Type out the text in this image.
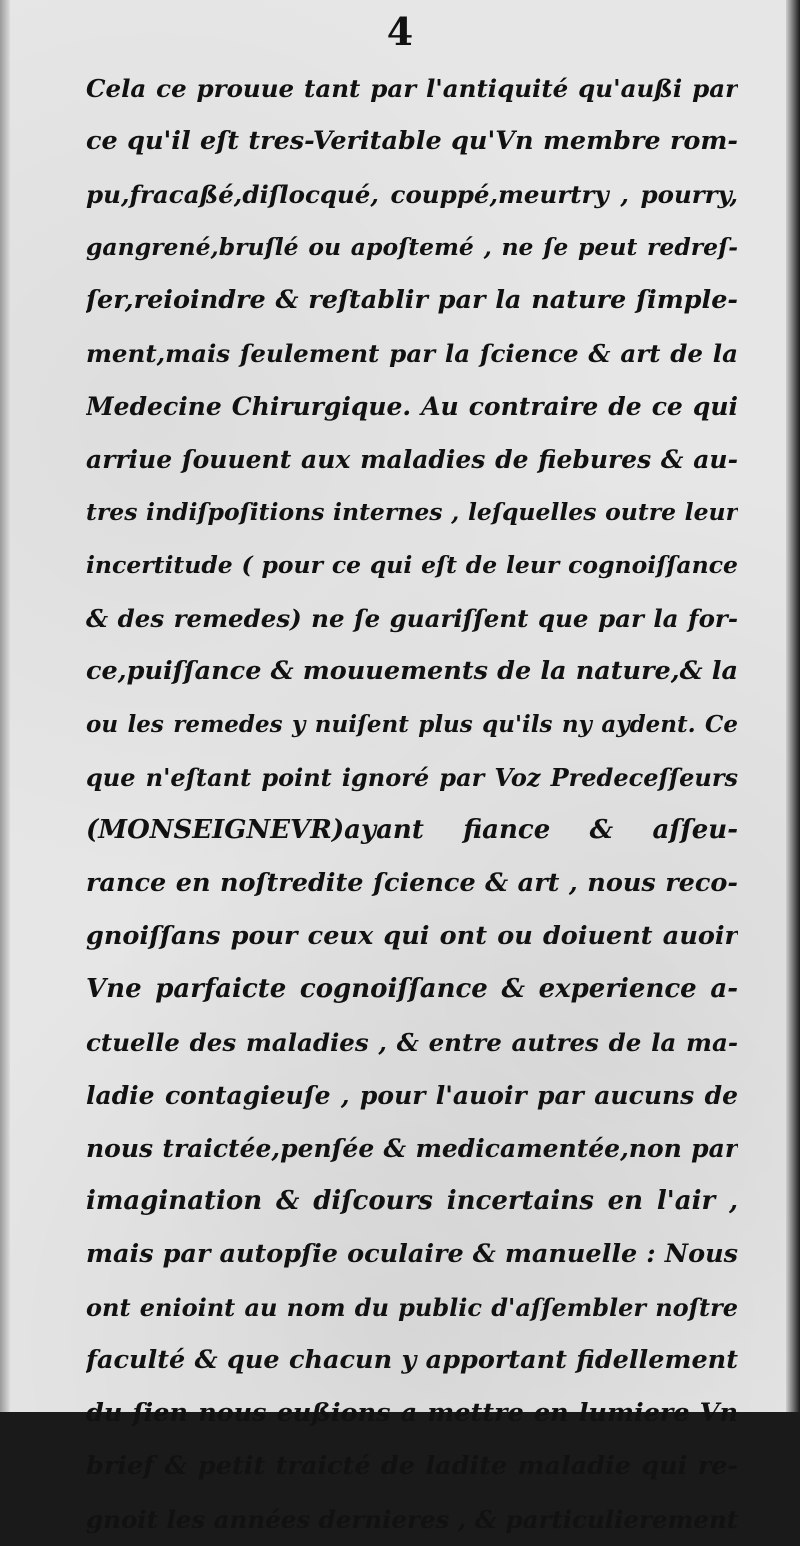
4
Cela ce prouue tant par l'antiquité qu'außi par
ce qu'il eſt tres-Veritable qu'Vn membre rom-
pu,fracaßé,diſlocqué, couppé,meurtry , pourry,
gangrené,bruſlé ou apoſtemé , ne ſe peut redreſ-
ſer,reioindre & reſtablir par la nature ſimple-
ment,mais ſeulement par la ſcience & art de la
Medecine Chirurgique. Au contraire de ce qui
arriue ſouuent aux maladies de fiebures & au-
tres indiſpoſitions internes , leſquelles outre leur
incertitude ( pour ce qui eſt de leur cognoiſſance
& des remedes) ne ſe guariſſent que par la for-
ce,puiſſance & mouuements de la nature,& la
ou les remedes y nuiſent plus qu'ils ny aydent. Ce
que n'eſtant point ignoré par Voz Predeceſſeurs
(MONSEIGNEVR)ayant fiance & aſſeu-
rance en noſtredite ſcience & art , nous reco-
gnoiſſans pour ceux qui ont ou doiuent auoir
Vne parfaicte cognoiſſance & experience a-
ctuelle des maladies , & entre autres de la ma-
ladie contagieuſe , pour l'auoir par aucuns de
nous traictée,penſée & medicamentée,non par
imagination & diſcours incertains en l'air ,
mais par autopſie oculaire & manuelle : Nous
ont enioint au nom du public d'aſſembler noſtre
faculté & que chacun y apportant fidellement
du ſien nous eußions a mettre en lumiere Vn
brief & petit traicté de ladite maladie qui re-
gnoit les années dernieres , & particulierement
